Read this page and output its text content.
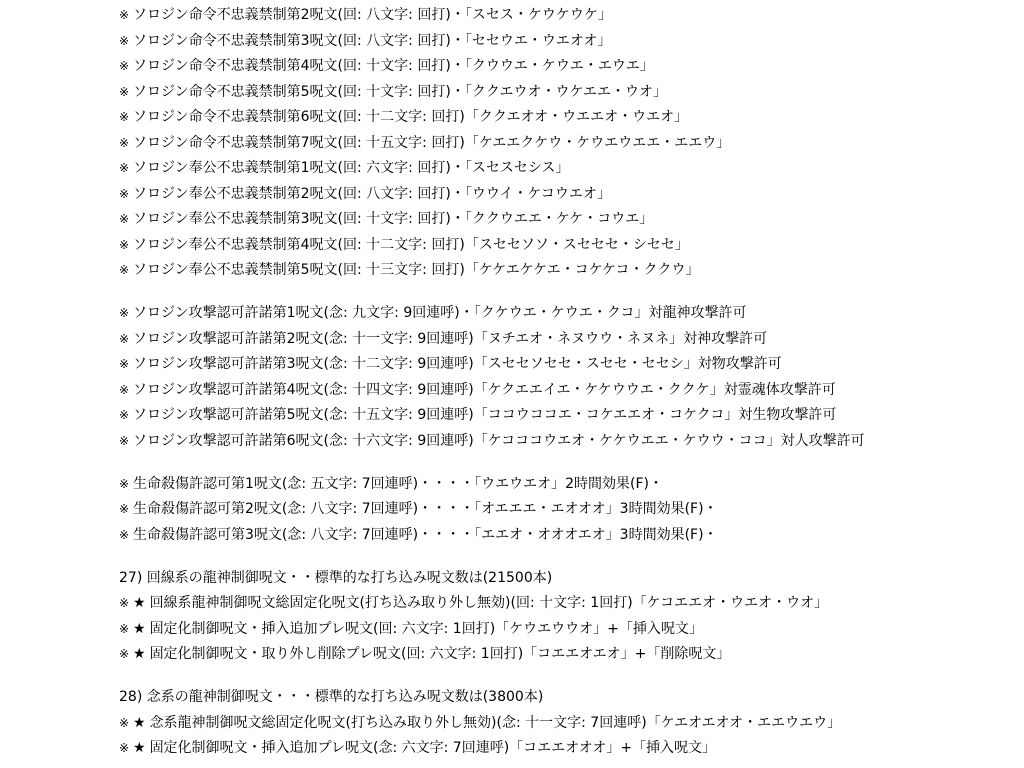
※ ソロジン命令不忠義禁制第2呪文(回: 八文字: 回打)・「スセス・ケウケウケ」
※ ソロジン命令不忠義禁制第3呪文(回: 八文字: 回打)・「セセウエ・ウエオオ」
※ ソロジン命令不忠義禁制第4呪文(回: 十文字: 回打)・「クウウエ・ケウエ・エウエ」
※ ソロジン命令不忠義禁制第5呪文(回: 十文字: 回打)・「ククエウオ・ウケエエ・ウオ」
※ ソロジン命令不忠義禁制第6呪文(回: 十二文字: 回打)「ククエオオ・ウエエオ・ウエオ」
※ ソロジン命令不忠義禁制第7呪文(回: 十五文字: 回打)「ケエエクケウ・ケウエウエエ・エエウ」
※ ソロジン奉公不忠義禁制第1呪文(回: 六文字: 回打)・「スセスセシス」
※ ソロジン奉公不忠義禁制第2呪文(回: 八文字: 回打)・「ウウイ・ケコウエオ」
※ ソロジン奉公不忠義禁制第3呪文(回: 十文字: 回打)・「ククウエエ・ケケ・コウエ」
※ ソロジン奉公不忠義禁制第4呪文(回: 十二文字: 回打)「スセセソソ・スセセセ・シセセ」
※ ソロジン奉公不忠義禁制第5呪文(回: 十三文字: 回打)「ケケエケケエ・コケケコ・ククウ」
※ ソロジン攻撃認可許諾第1呪文(念: 九文字: 9回連呼)・「クケウエ・ケウエ・クコ」対龍神攻撃許可
※ ソロジン攻撃認可許諾第2呪文(念: 十一文字: 9回連呼)「ヌチエオ・ネヌウウ・ネヌネ」対神攻撃許可
※ ソロジン攻撃認可許諾第3呪文(念: 十二文字: 9回連呼)「スセセソセセ・スセセ・セセシ」対物攻撃許可
※ ソロジン攻撃認可許諾第4呪文(念: 十四文字: 9回連呼)「ケクエエイエ・ケケウウエ・ククケ」対霊魂体攻撃許可
※ ソロジン攻撃認可許諾第5呪文(念: 十五文字: 9回連呼)「ココウココエ・コケエエオ・コケクコ」対生物攻撃許可
※ ソロジン攻撃認可許諾第6呪文(念: 十六文字: 9回連呼)「ケコココウエオ・ケケウエエ・ケウウ・ココ」対人攻撃許可
※ 生命殺傷許認可第1呪文(念: 五文字: 7回連呼)・・・・「ウエウエオ」2時間効果(F)・
※ 生命殺傷許認可第2呪文(念: 八文字: 7回連呼)・・・・「オエエエ・エオオオ」3時間効果(F)・
※ 生命殺傷許認可第3呪文(念: 八文字: 7回連呼)・・・・「エエオ・オオオエオ」3時間効果(F)・
27) 回線系の龍神制御呪文・・標準的な打ち込み呪文数は(21500本)
※ ★ 回線系龍神制御呪文総固定化呪文(打ち込み取り外し無効)(回: 十文字: 1回打)「ケコエエオ・ウエオ・ウオ」
※ ★ 固定化制御呪文・挿入追加プレ呪文(回: 六文字: 1回打)「ケウエウウオ」+「挿入呪文」
※ ★ 固定化制御呪文・取り外し削除プレ呪文(回: 六文字: 1回打)「コエエオエオ」+「削除呪文」
28) 念系の龍神制御呪文・・・標準的な打ち込み呪文数は(3800本)
※ ★ 念系龍神制御呪文総固定化呪文(打ち込み取り外し無効)(念: 十一文字: 7回連呼)「ケエオエオオ・エエウエウ」
※ ★ 固定化制御呪文・挿入追加プレ呪文(念: 六文字: 7回連呼)「コエエオオオ」+「挿入呪文」
